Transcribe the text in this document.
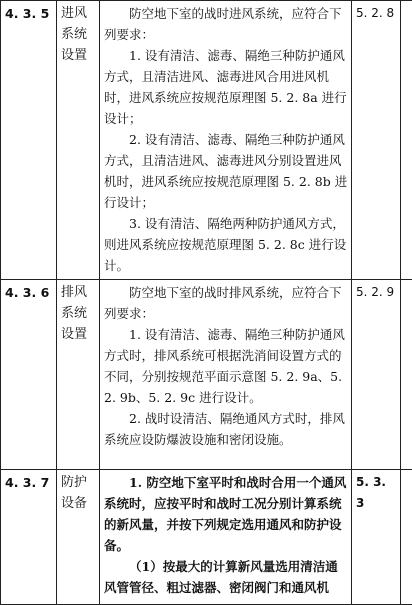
4. 3. 5	进风系统设置	防空地下室的战时进风系统，应符合下列要求：

1. 设有清洁、滤毒、隔绝三种防护通风方式，且清洁进风、滤毒进风合用进风机时，进风系统应按规范原理图 5. 2. 8a 进行设计；

2. 设有清洁、滤毒、隔绝三种防护通风方式，且清洁进风、滤毒进风分别设置进风机时，进风系统应按规范原理图 5. 2. 8b 进行设计；

3. 设有清洁、隔绝两种防护通风方式，则进风系统应按规范原理图 5. 2. 8c 进行设计。	5. 2. 8	
4. 3. 6	排风系统设置	防空地下室的战时排风系统，应符合下列要求：

1. 设有清洁、滤毒、隔绝三种防护通风方式时，排风系统可根据洗消间设置方式的不同，分别按规范平面示意图 5. 2. 9a、5. 2. 9b、5. 2. 9c 进行设计。

2. 战时设清洁、隔绝通风方式时，排风系统应设防爆波设施和密闭设施。	5. 2. 9	
4. 3. 7	防护设备	1. 防空地下室平时和战时合用一个通风系统时，应按平时和战时工况分别计算系统的新风量，并按下列规定选用通风和防护设备。

（1）按最大的计算新风量选用清洁通风管管径、粗过滤器、密闭阀门和通风机	5. 3. 3	
